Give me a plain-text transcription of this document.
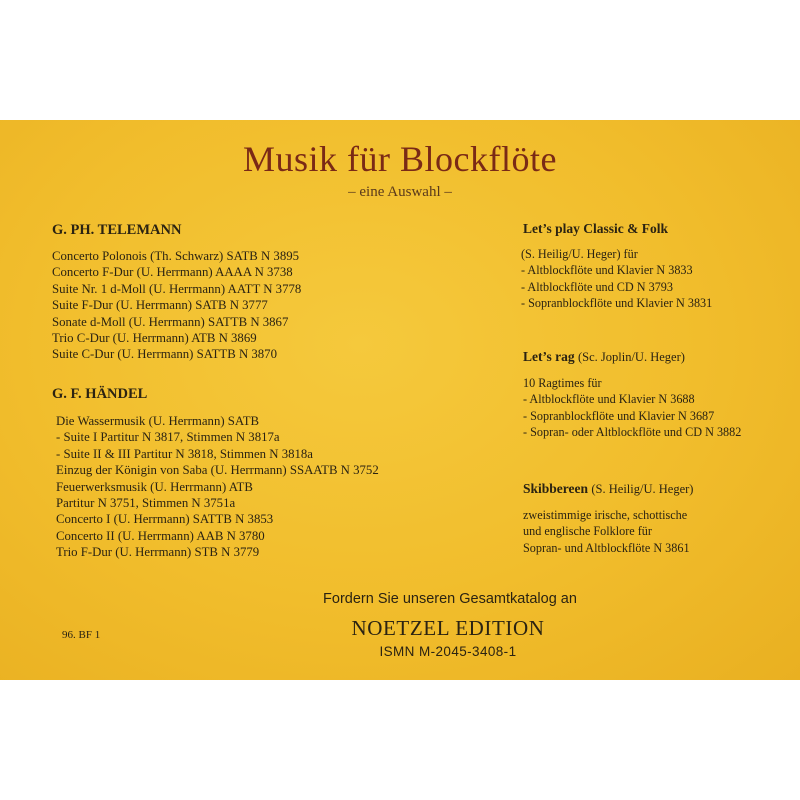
Musik für Blockflöte
– eine Auswahl –
G. PH. TELEMANN
Concerto Polonois (Th. Schwarz) SATB N 3895
Concerto F-Dur (U. Herrmann) AAAA N 3738
Suite Nr. 1 d-Moll (U. Herrmann) AATT N 3778
Suite F-Dur (U. Herrmann) SATB N 3777
Sonate d-Moll (U. Herrmann) SATTB N 3867
Trio C-Dur (U. Herrmann) ATB N 3869
Suite C-Dur (U. Herrmann) SATTB N 3870
G. F. HÄNDEL
Die Wassermusik (U. Herrmann) SATB
- Suite I Partitur N 3817, Stimmen N 3817a
- Suite II & III Partitur N 3818, Stimmen N 3818a
Einzug der Königin von Saba (U. Herrmann) SSAATB N 3752
Feuerwerksmusik (U. Herrmann) ATB
Partitur N 3751, Stimmen N 3751a
Concerto I (U. Herrmann) SATTB N 3853
Concerto II (U. Herrmann) AAB N 3780
Trio F-Dur (U. Herrmann) STB N 3779
Let’s play Classic & Folk
(S. Heilig/U. Heger) für
- Altblockflöte und Klavier N 3833
- Altblockflöte und CD N 3793
- Sopranblockflöte und Klavier N 3831
Let’s rag (Sc. Joplin/U. Heger)
10 Ragtimes für
- Altblockflöte und Klavier N 3688
- Sopranblockflöte und Klavier N 3687
- Sopran- oder Altblockflöte und CD N 3882
Skibbereen (S. Heilig/U. Heger)
zweistimmige irische, schottische
und englische Folklore für
Sopran- und Altblockflöte N 3861
Fordern Sie unseren Gesamtkatalog an
96. BF 1	NOETZEL EDITION
ISMN M-2045-3408-1
